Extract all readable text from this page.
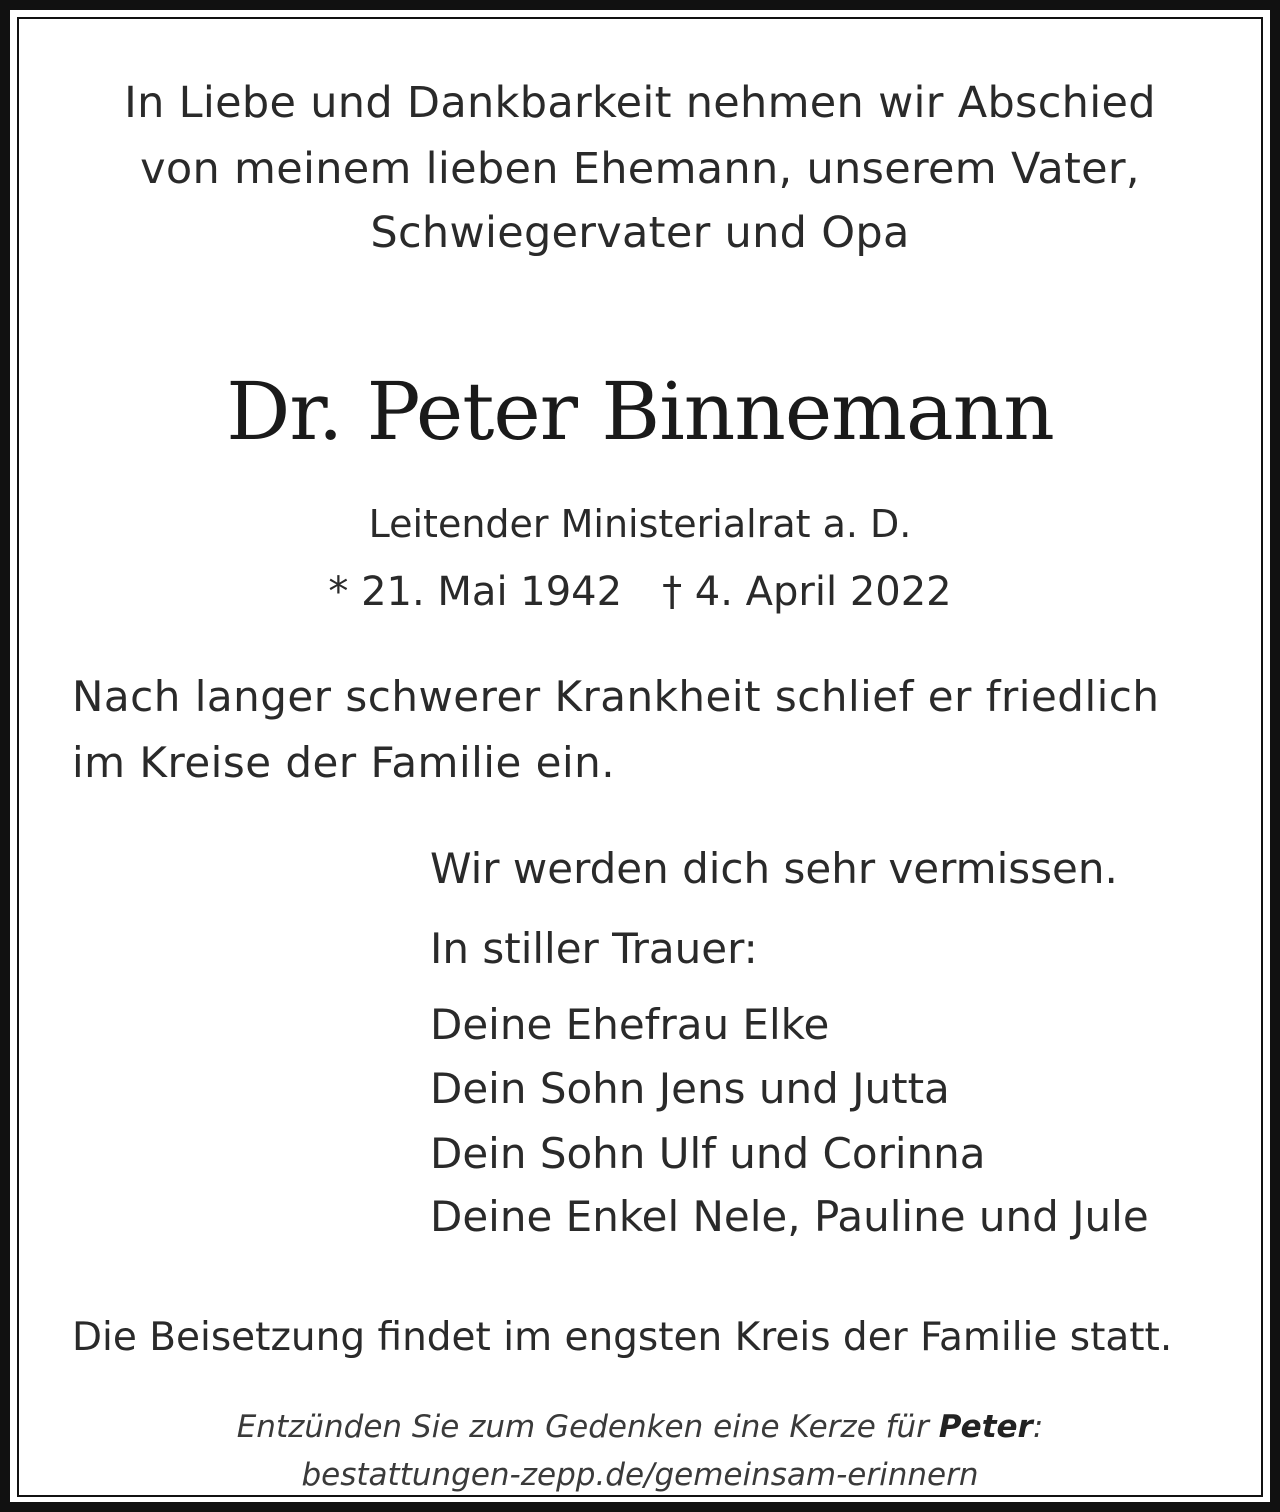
In Liebe und Dankbarkeit nehmen wir Abschied
von meinem lieben Ehemann, unserem Vater,
Schwiegervater und Opa
Dr. Peter Binnemann
Leitender Ministerialrat a. D.
* 21. Mai 1942 † 4. April 2022
Nach langer schwerer Krankheit schlief er friedlich
im Kreise der Familie ein.
Wir werden dich sehr vermissen.
In stiller Trauer:
Deine Ehefrau Elke
Dein Sohn Jens und Jutta
Dein Sohn Ulf und Corinna
Deine Enkel Nele, Pauline und Jule
Die Beisetzung findet im engsten Kreis der Familie statt.
Entzünden Sie zum Gedenken eine Kerze für Peter:
bestattungen-zepp.de/gemeinsam-erinnern
